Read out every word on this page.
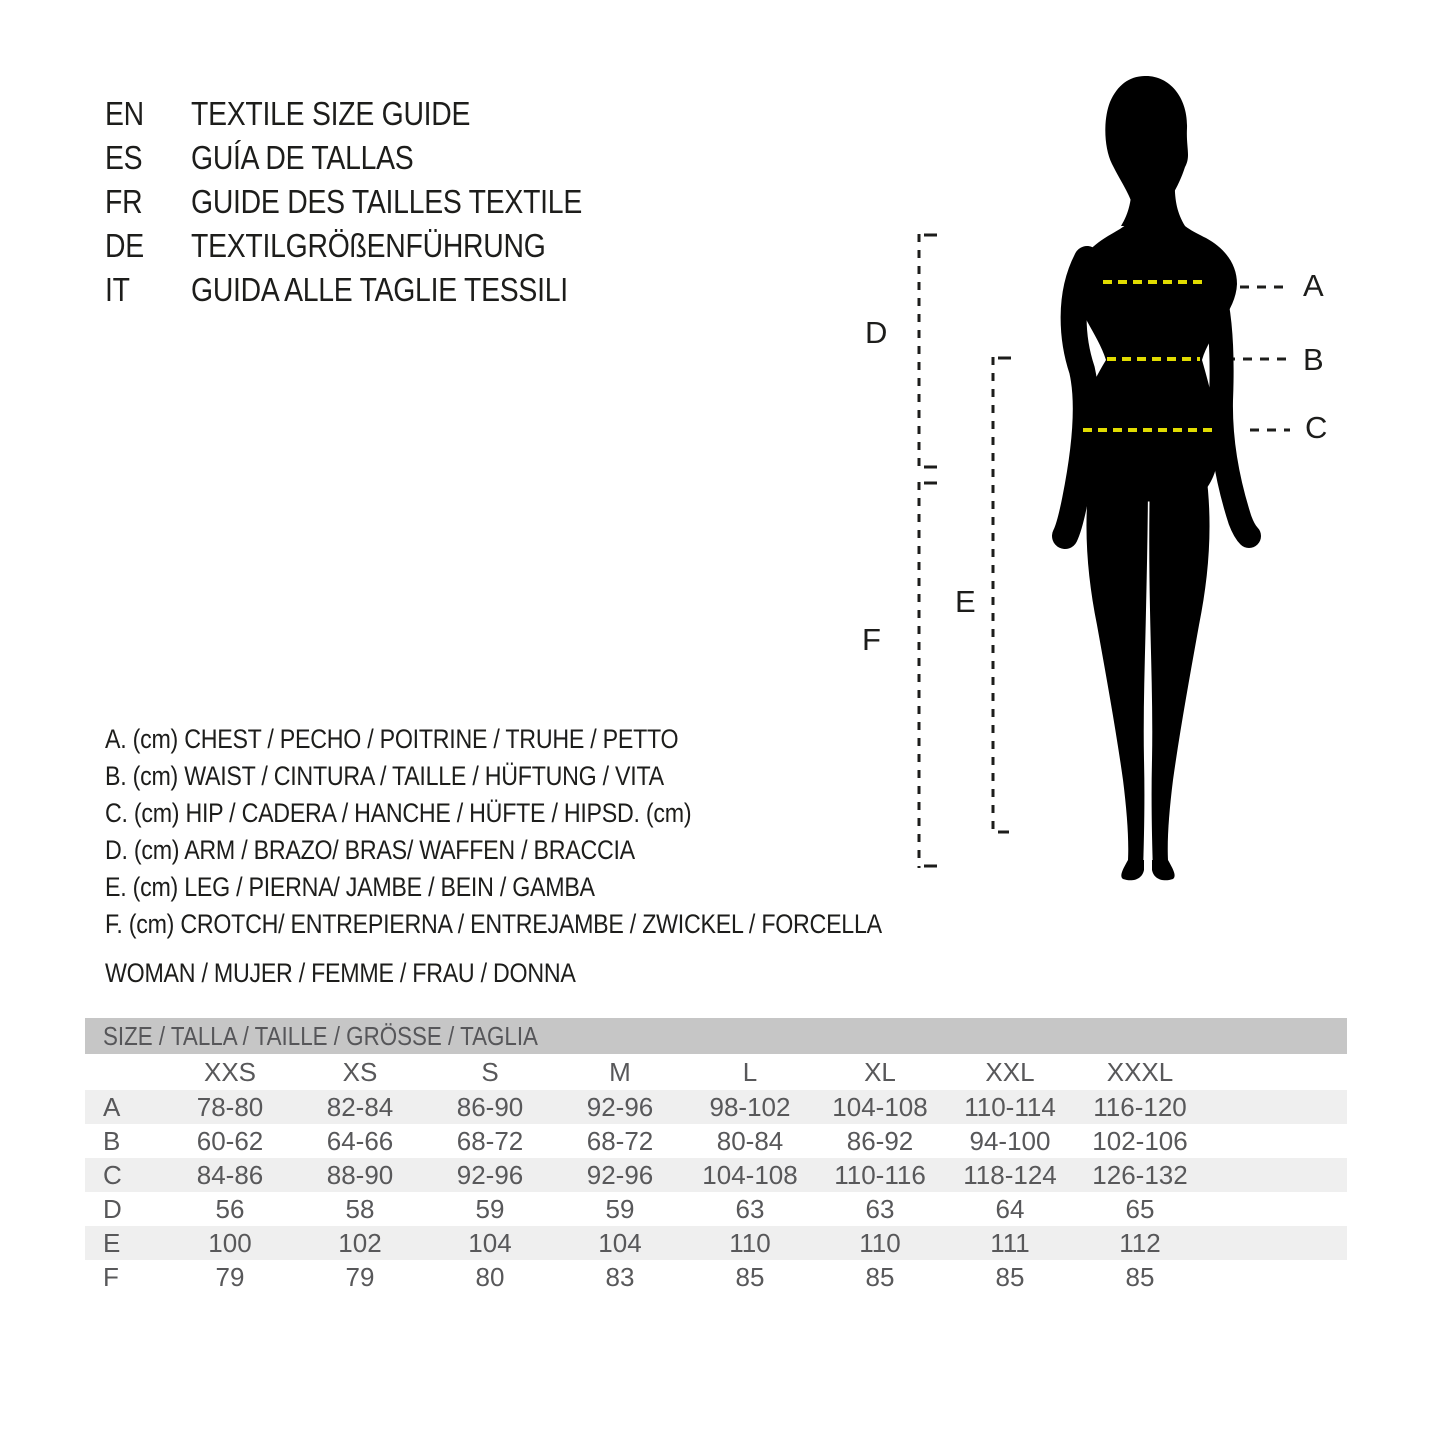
EN	TEXTILE SIZE GUIDE
ES	GUÍA DE TALLAS
FR	GUIDE DES TAILLES TEXTILE
DE	TEXTILGRÖßENFÜHRUNG
IT	GUIDA ALLE TAGLIE TESSILI	A
B
C
D
E
F
A. (cm) CHEST / PECHO / POITRINE / TRUHE / PETTO
B. (cm) WAIST / CINTURA / TAILLE / HÜFTUNG / VITA
C. (cm) HIP / CADERA / HANCHE / HÜFTE / HIPSD. (cm)
D. (cm) ARM / BRAZO/ BRAS/ WAFFEN / BRACCIA
E. (cm) LEG / PIERNA/ JAMBE / BEIN / GAMBA
F. (cm) CROTCH/ ENTREPIERNA / ENTREJAMBE / ZWICKEL / FORCELLA
WOMAN / MUJER / FEMME / FRAU / DONNA
SIZE / TALLA / TAILLE / GRÖSSE / TAGLIA
	XXS	XS	S	M	L	XL	XXL	XXXL	
A	78-80	82-84	86-90	92-96	98-102	104-108	110-114	116-120	
B	60-62	64-66	68-72	68-72	80-84	86-92	94-100	102-106	
C	84-86	88-90	92-96	92-96	104-108	110-116	118-124	126-132	
D	56	58	59	59	63	63	64	65	
E	100	102	104	104	110	110	111	112	
F	79	79	80	83	85	85	85	85	
